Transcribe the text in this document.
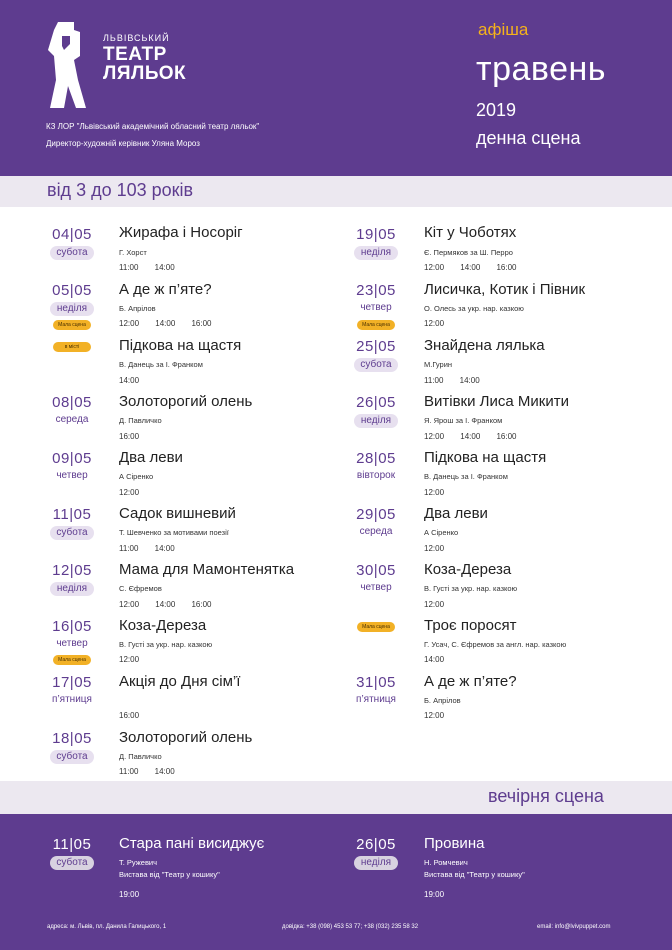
ЛЬВІВСЬКИЙ
ТЕАТР
ЛЯЛЬОК
КЗ ЛОР "Львівський академічний обласний театр ляльок"
Директор-художній керівник Уляна Мороз
афіша
травень
2019
денна сцена
від 3 до 103 років
04|05
субота
Жирафа і Носоріг
Г. Хорст
11:00 14:00
05|05
неділя
Мала сцена
А де ж п’яте?
Б. Апрілов
12:00 14:00 16:00
в місті	Підкова на щастя
В. Данець за І. Франком
14:00
08|05
середа
Золоторогий олень
Д. Павличко
16:00
09|05
четвер
Два леви
А Сіренко
12:00
11|05
субота
Садок вишневий
Т. Шевченко за мотивами поезії
11:00 14:00
12|05
неділя
Мама для Мамонтенятка
С. Єфремов
12:00 14:00 16:00
16|05
четвер
Мала сцена
Коза-Дереза
В. Густі за укр. нар. казкою
12:00
17|05
п’ятниця
Акція до Дня сім’ї
16:00
18|05
субота
Золоторогий олень
Д. Павличко
11:00 14:00
19|05
неділя
Кіт у Чоботях
Є. Пермяков за Ш. Перро
12:00 14:00 16:00
23|05
четвер
Мала сцена
Лисичка, Котик і Півник
О. Олесь за укр. нар. казкою
12:00
25|05
субота
Знайдена лялька
М.Гурин
11:00 14:00
26|05
неділя
Витівки Лиса Микити
Я. Ярош за І. Франком
12:00 14:00 16:00
28|05
вівторок
Підкова на щастя
В. Данець за І. Франком
12:00
29|05
середа
Два леви
А Сіренко
12:00
30|05
четвер
Коза-Дереза
В. Густі за укр. нар. казкою
12:00
Мала сцена	Троє поросят
Г. Усач, С. Єфремов за англ. нар. казкою
14:00
31|05
п’ятниця
А де ж п’яте?
Б. Апрілов
12:00
вечірня сцена
11|05
субота
Стара пані висиджує
Т. Ружевич
Вистава від "Театр у кошику"
19:00
26|05
неділя
Провина
Н. Ромчевич
Вистава від "Театр у кошику"
19:00
адреса: м. Львів, пл. Данила Галицького, 1	довідка: +38 (098) 453 53 77; +38 (032) 235 58 32	email: info@lvivpuppet.com
